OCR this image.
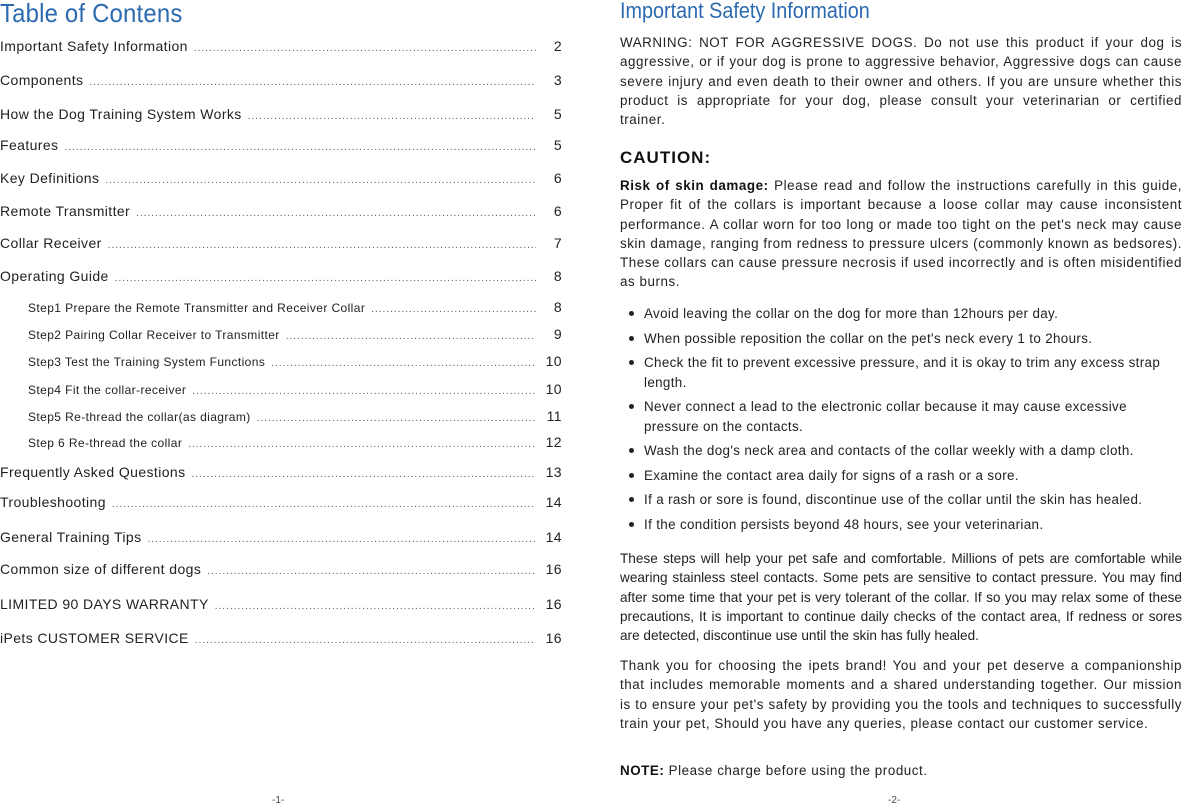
Table of Contens
Important Safety Information .....	2
Components .....	3
How the Dog Training System Works .....	5
Features .....	5
Key Definitions .....	6
Remote Transmitter .....	6
Collar Receiver .....	7
Operating Guide .....	8
Step1 Prepare the Remote Transmitter and Receiver Collar .....	8
Step2 Pairing Collar Receiver to Transmitter .....	9
Step3 Test the Training System Functions .....	10
Step4 Fit the collar-receiver .....	10
Step5 Re-thread the collar(as diagram) .....	11
Step 6 Re-thread the collar .....	12
Frequently Asked Questions .....	13
Troubleshooting .....	14
General Training Tips .....	14
Common size of different dogs .....	16
LIMITED 90 DAYS WARRANTY .....	16
iPets CUSTOMER SERVICE .....	16
-1-
Important Safety Information

WARNING: NOT FOR AGGRESSIVE DOGS. Do not use this product if your dog is aggressive, or if your dog is prone to aggressive behavior, Aggressive dogs can cause severe injury and even death to their owner and others. If you are unsure whether this product is appropriate for your dog, please consult your veterinarian or certified trainer.

CAUTION:

Risk of skin damage: Please read and follow the instructions carefully in this guide, Proper fit of the collars is important because a loose collar may cause inconsistent performance. A collar worn for too long or made too tight on the pet's neck may cause skin damage, ranging from redness to pressure ulcers (commonly known as bedsores). These collars can cause pressure necrosis if used incorrectly and is often misidentified as burns.

Avoid leaving the collar on the dog for more than 12hours per day.
When possible reposition the collar on the pet's neck every 1 to 2hours.
Check the fit to prevent excessive pressure, and it is okay to trim any excess strap length.
Never connect a lead to the electronic collar because it may cause excessive pressure on the contacts.
Wash the dog's neck area and contacts of the collar weekly with a damp cloth.
Examine the contact area daily for signs of a rash or a sore.
If a rash or sore is found, discontinue use of the collar until the skin has healed.
If the condition persists beyond 48 hours, see your veterinarian.

These steps will help your pet safe and comfortable. Millions of pets are comfortable while wearing stainless steel contacts. Some pets are sensitive to contact pressure. You may find after some time that your pet is very tolerant of the collar. If so you may relax some of these precautions, It is important to continue daily checks of the contact area, If redness or sores are detected, discontinue use until the skin has fully healed.

Thank you for choosing the ipets brand! You and your pet deserve a companionship that includes memorable moments and a shared understanding together. Our mission is to ensure your pet's safety by providing you the tools and techniques to successfully train your pet, Should you have any queries, please contact our customer service.

NOTE: Please charge before using the product.

-2-
